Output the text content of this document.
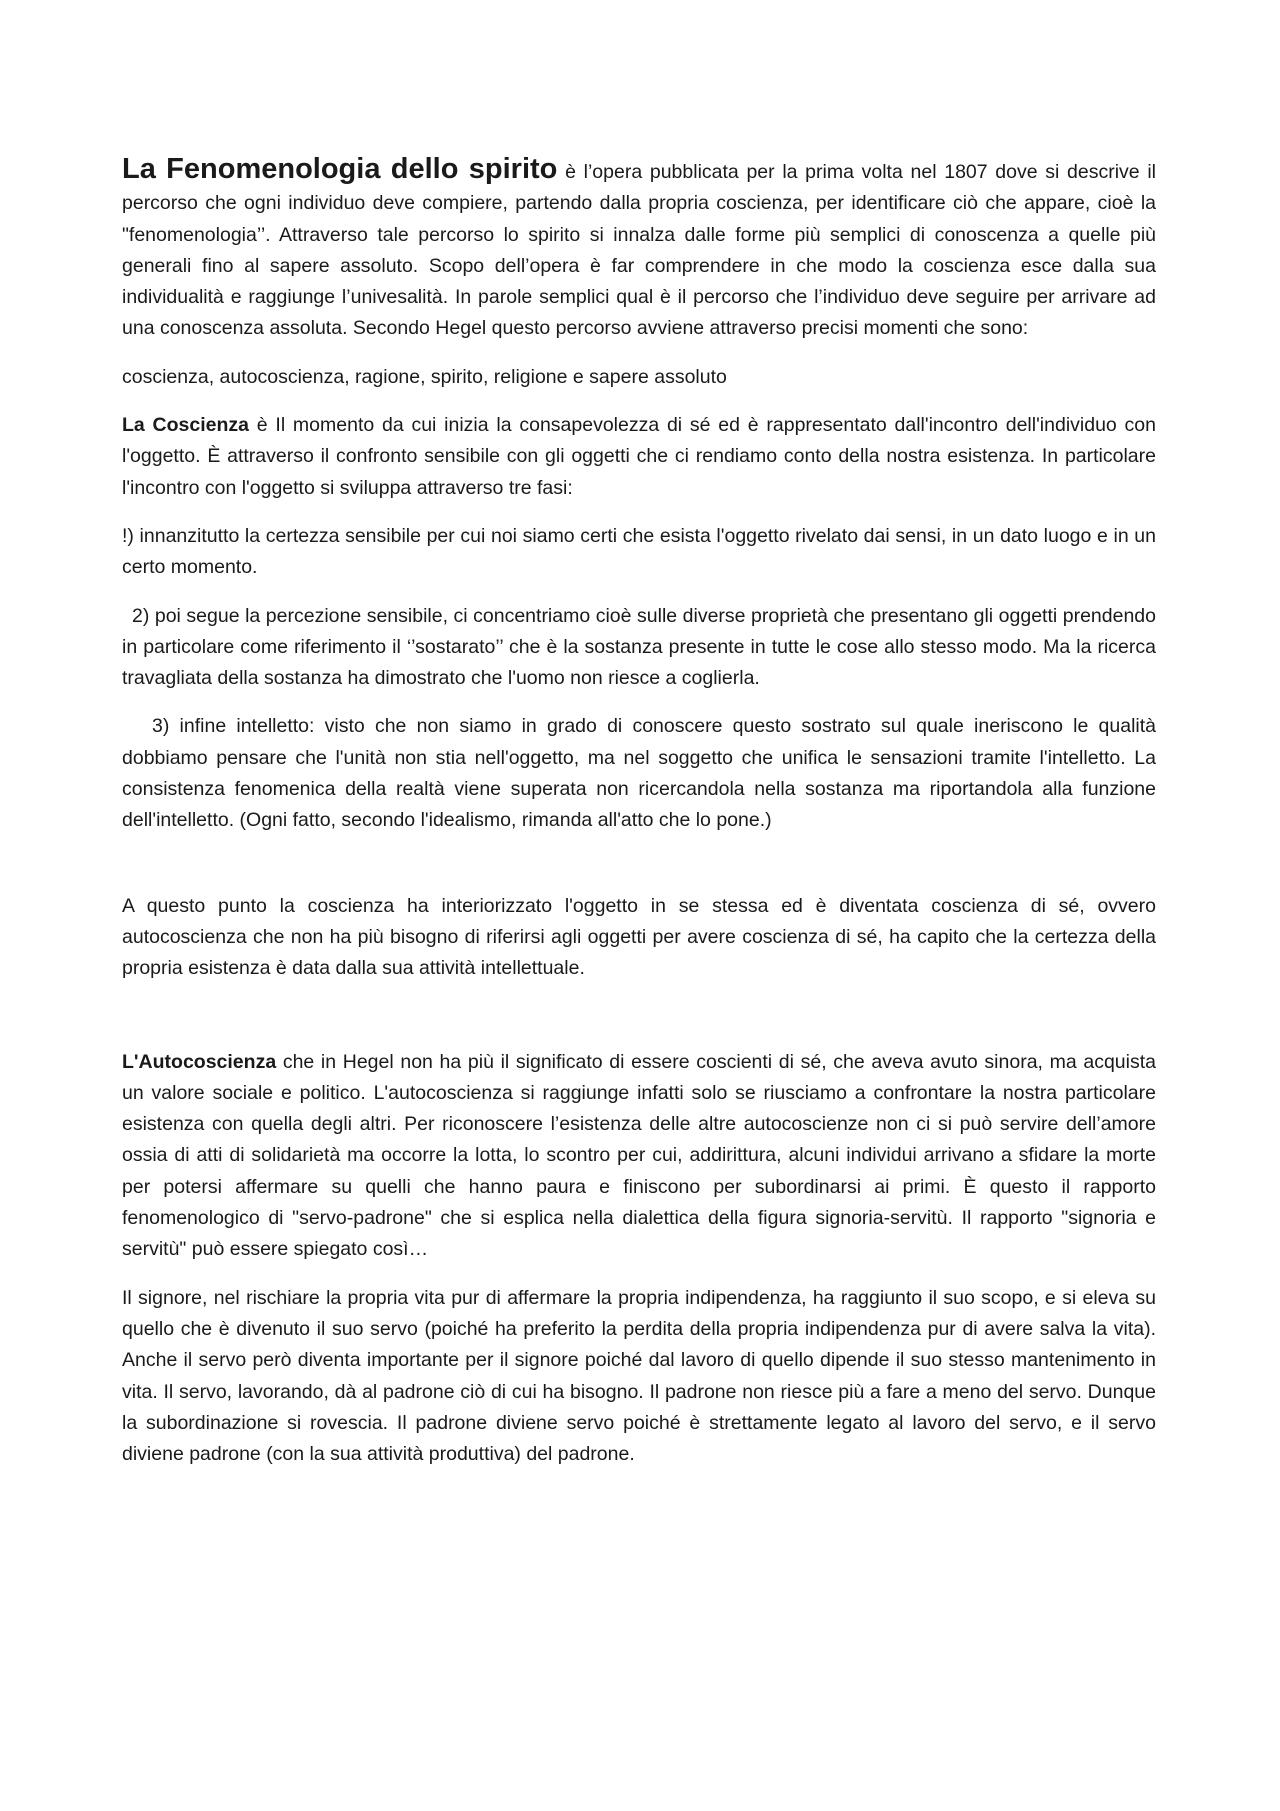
La Fenomenologia dello spirito è l’opera pubblicata per la prima volta nel 1807 dove si descrive il percorso che ogni individuo deve compiere, partendo dalla propria coscienza, per identificare ciò che appare, cioè la "fenomenologia’’. Attraverso tale percorso lo spirito si innalza dalle forme più semplici di conoscenza a quelle più generali fino al sapere assoluto. Scopo dell’opera è far comprendere in che modo la coscienza esce dalla sua individualità e raggiunge l’univesalità. In parole semplici qual è il percorso che l’individuo deve seguire per arrivare ad una conoscenza assoluta. Secondo Hegel questo percorso avviene attraverso precisi momenti che sono:

coscienza, autocoscienza, ragione, spirito, religione e sapere assoluto

La Coscienza è Il momento da cui inizia la consapevolezza di sé ed è rappresentato dall'incontro dell'individuo con l'oggetto. È attraverso il confronto sensibile con gli oggetti che ci rendiamo conto della nostra esistenza. In particolare l'incontro con l'oggetto si sviluppa attraverso tre fasi:

!) innanzitutto la certezza sensibile per cui noi siamo certi che esista l'oggetto rivelato dai sensi, in un dato luogo e in un certo momento.

2) poi segue la percezione sensibile, ci concentriamo cioè sulle diverse proprietà che presentano gli oggetti prendendo in particolare come riferimento il ‘’sostarato’’ che è la sostanza presente in tutte le cose allo stesso modo. Ma la ricerca travagliata della sostanza ha dimostrato che l'uomo non riesce a coglierla.

3) infine intelletto: visto che non siamo in grado di conoscere questo sostrato sul quale ineriscono le qualità dobbiamo pensare che l'unità non stia nell'oggetto, ma nel soggetto che unifica le sensazioni tramite l'intelletto. La consistenza fenomenica della realtà viene superata non ricercandola nella sostanza ma riportandola alla funzione dell'intelletto. (Ogni fatto, secondo l'idealismo, rimanda all'atto che lo pone.)

A questo punto la coscienza ha interiorizzato l'oggetto in se stessa ed è diventata coscienza di sé, ovvero autocoscienza che non ha più bisogno di riferirsi agli oggetti per avere coscienza di sé, ha capito che la certezza della propria esistenza è data dalla sua attività intellettuale.

L'Autocoscienza che in Hegel non ha più il significato di essere coscienti di sé, che aveva avuto sinora, ma acquista un valore sociale e politico. L'autocoscienza si raggiunge infatti solo se riusciamo a confrontare la nostra particolare esistenza con quella degli altri. Per riconoscere l’esistenza delle altre autocoscienze non ci si può servire dell’amore ossia di atti di solidarietà ma occorre la lotta, lo scontro per cui, addirittura, alcuni individui arrivano a sfidare la morte per potersi affermare su quelli che hanno paura e finiscono per subordinarsi ai primi. È questo il rapporto fenomenologico di "servo-padrone" che si esplica nella dialettica della figura signoria-servitù. Il rapporto "signoria e servitù" può essere spiegato così…

Il signore, nel rischiare la propria vita pur di affermare la propria indipendenza, ha raggiunto il suo scopo, e si eleva su quello che è divenuto il suo servo (poiché ha preferito la perdita della propria indipendenza pur di avere salva la vita). Anche il servo però diventa importante per il signore poiché dal lavoro di quello dipende il suo stesso mantenimento in vita. Il servo, lavorando, dà al padrone ciò di cui ha bisogno. Il padrone non riesce più a fare a meno del servo. Dunque la subordinazione si rovescia. Il padrone diviene servo poiché è strettamente legato al lavoro del servo, e il servo diviene padrone (con la sua attività produttiva) del padrone.
